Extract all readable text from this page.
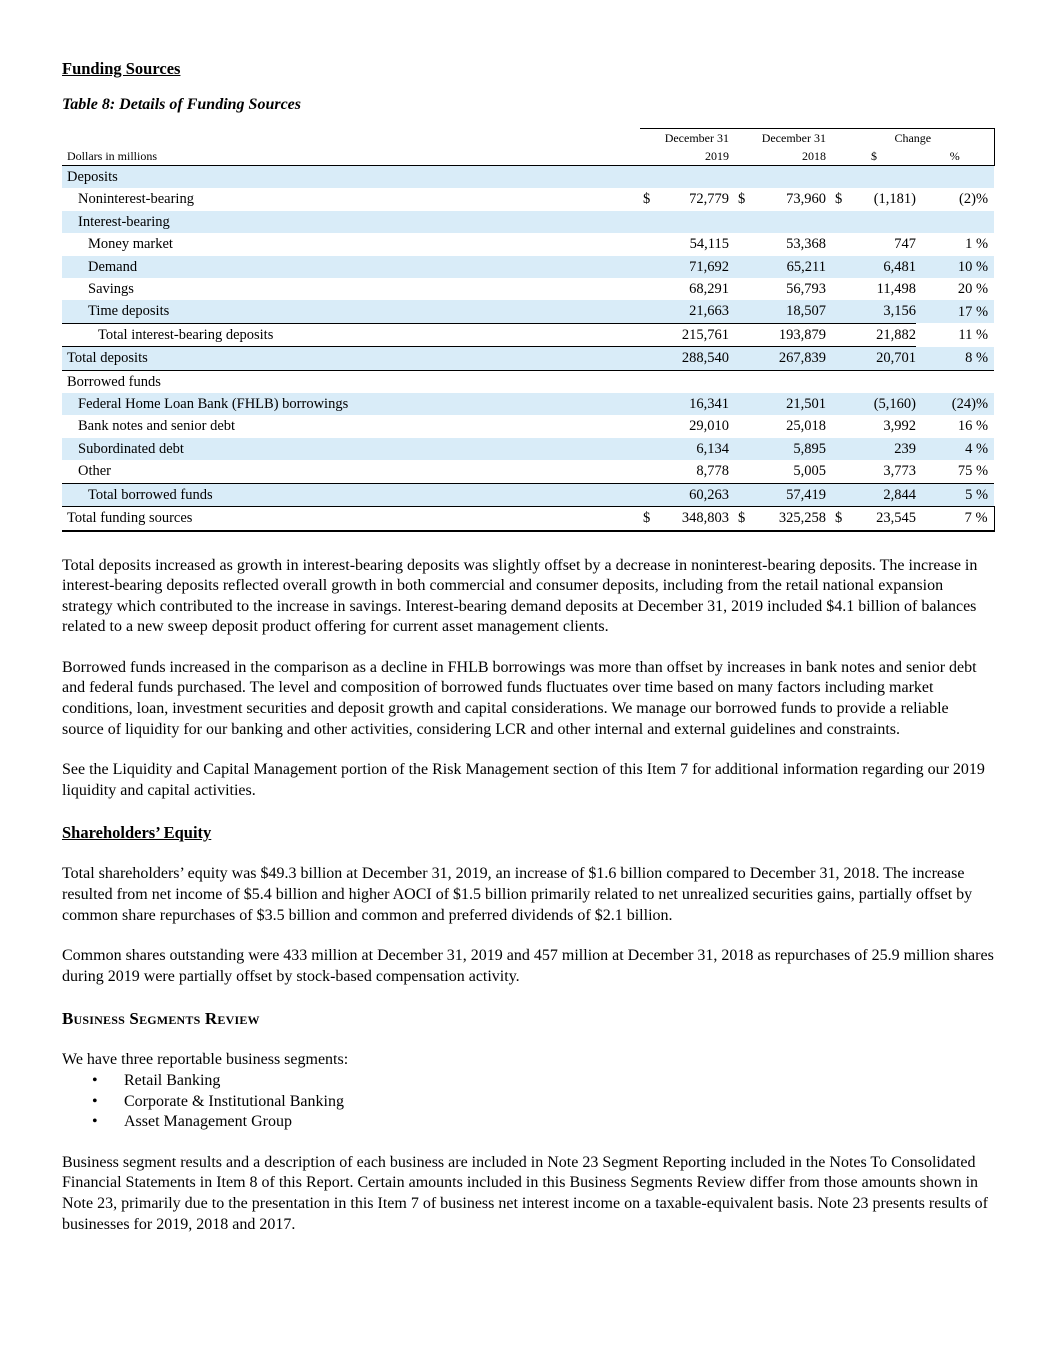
Funding Sources
Table 8: Details of Funding Sources
	December 31		December 31		Change		
Dollars in millions	2019		2018		$		%
Deposits							
Noninterest-bearing	$	72,779	$	73,960	$	(1,181)	(2)%
Interest-bearing							
Money market		54,115		53,368		747	1 %
Demand		71,692		65,211		6,481	10 %
Savings		68,291		56,793		11,498	20 %
Time deposits		21,663		18,507		3,156	17 %
Total interest-bearing deposits		215,761		193,879		21,882	11 %
Total deposits		288,540		267,839		20,701	8 %
Borrowed funds							
Federal Home Loan Bank (FHLB) borrowings		16,341		21,501		(5,160)	(24)%
Bank notes and senior debt		29,010		25,018		3,992	16 %
Subordinated debt		6,134		5,895		239	4 %
Other		8,778		5,005		3,773	75 %
Total borrowed funds		60,263		57,419		2,844	5 %
Total funding sources	$	348,803	$	325,258	$	23,545	7 %

Total deposits increased as growth in interest-bearing deposits was slightly offset by a decrease in noninterest-bearing deposits. The increase in interest-bearing deposits reflected overall growth in both commercial and consumer deposits, including from the retail national expansion strategy which contributed to the increase in savings. Interest-bearing demand deposits at December 31, 2019 included $4.1 billion of balances related to a new sweep deposit product offering for current asset management clients.

Borrowed funds increased in the comparison as a decline in FHLB borrowings was more than offset by increases in bank notes and senior debt and federal funds purchased. The level and composition of borrowed funds fluctuates over time based on many factors including market conditions, loan, investment securities and deposit growth and capital considerations. We manage our borrowed funds to provide a reliable source of liquidity for our banking and other activities, considering LCR and other internal and external guidelines and constraints.

See the Liquidity and Capital Management portion of the Risk Management section of this Item 7 for additional information regarding our 2019 liquidity and capital activities.

Shareholders’ Equity

Total shareholders’ equity was $49.3 billion at December 31, 2019, an increase of $1.6 billion compared to December 31, 2018. The increase resulted from net income of $5.4 billion and higher AOCI of $1.5 billion primarily related to net unrealized securities gains, partially offset by common share repurchases of $3.5 billion and common and preferred dividends of $2.1 billion.

Common shares outstanding were 433 million at December 31, 2019 and 457 million at December 31, 2018 as repurchases of 25.9 million shares during 2019 were partially offset by stock-based compensation activity.

Business Segments Review

We have three reportable business segments:

• Retail Banking
• Corporate & Institutional Banking
• Asset Management Group

Business segment results and a description of each business are included in Note 23 Segment Reporting included in the Notes To Consolidated Financial Statements in Item 8 of this Report. Certain amounts included in this Business Segments Review differ from those amounts shown in Note 23, primarily due to the presentation in this Item 7 of business net interest income on a taxable-equivalent basis. Note 23 presents results of businesses for 2019, 2018 and 2017.
